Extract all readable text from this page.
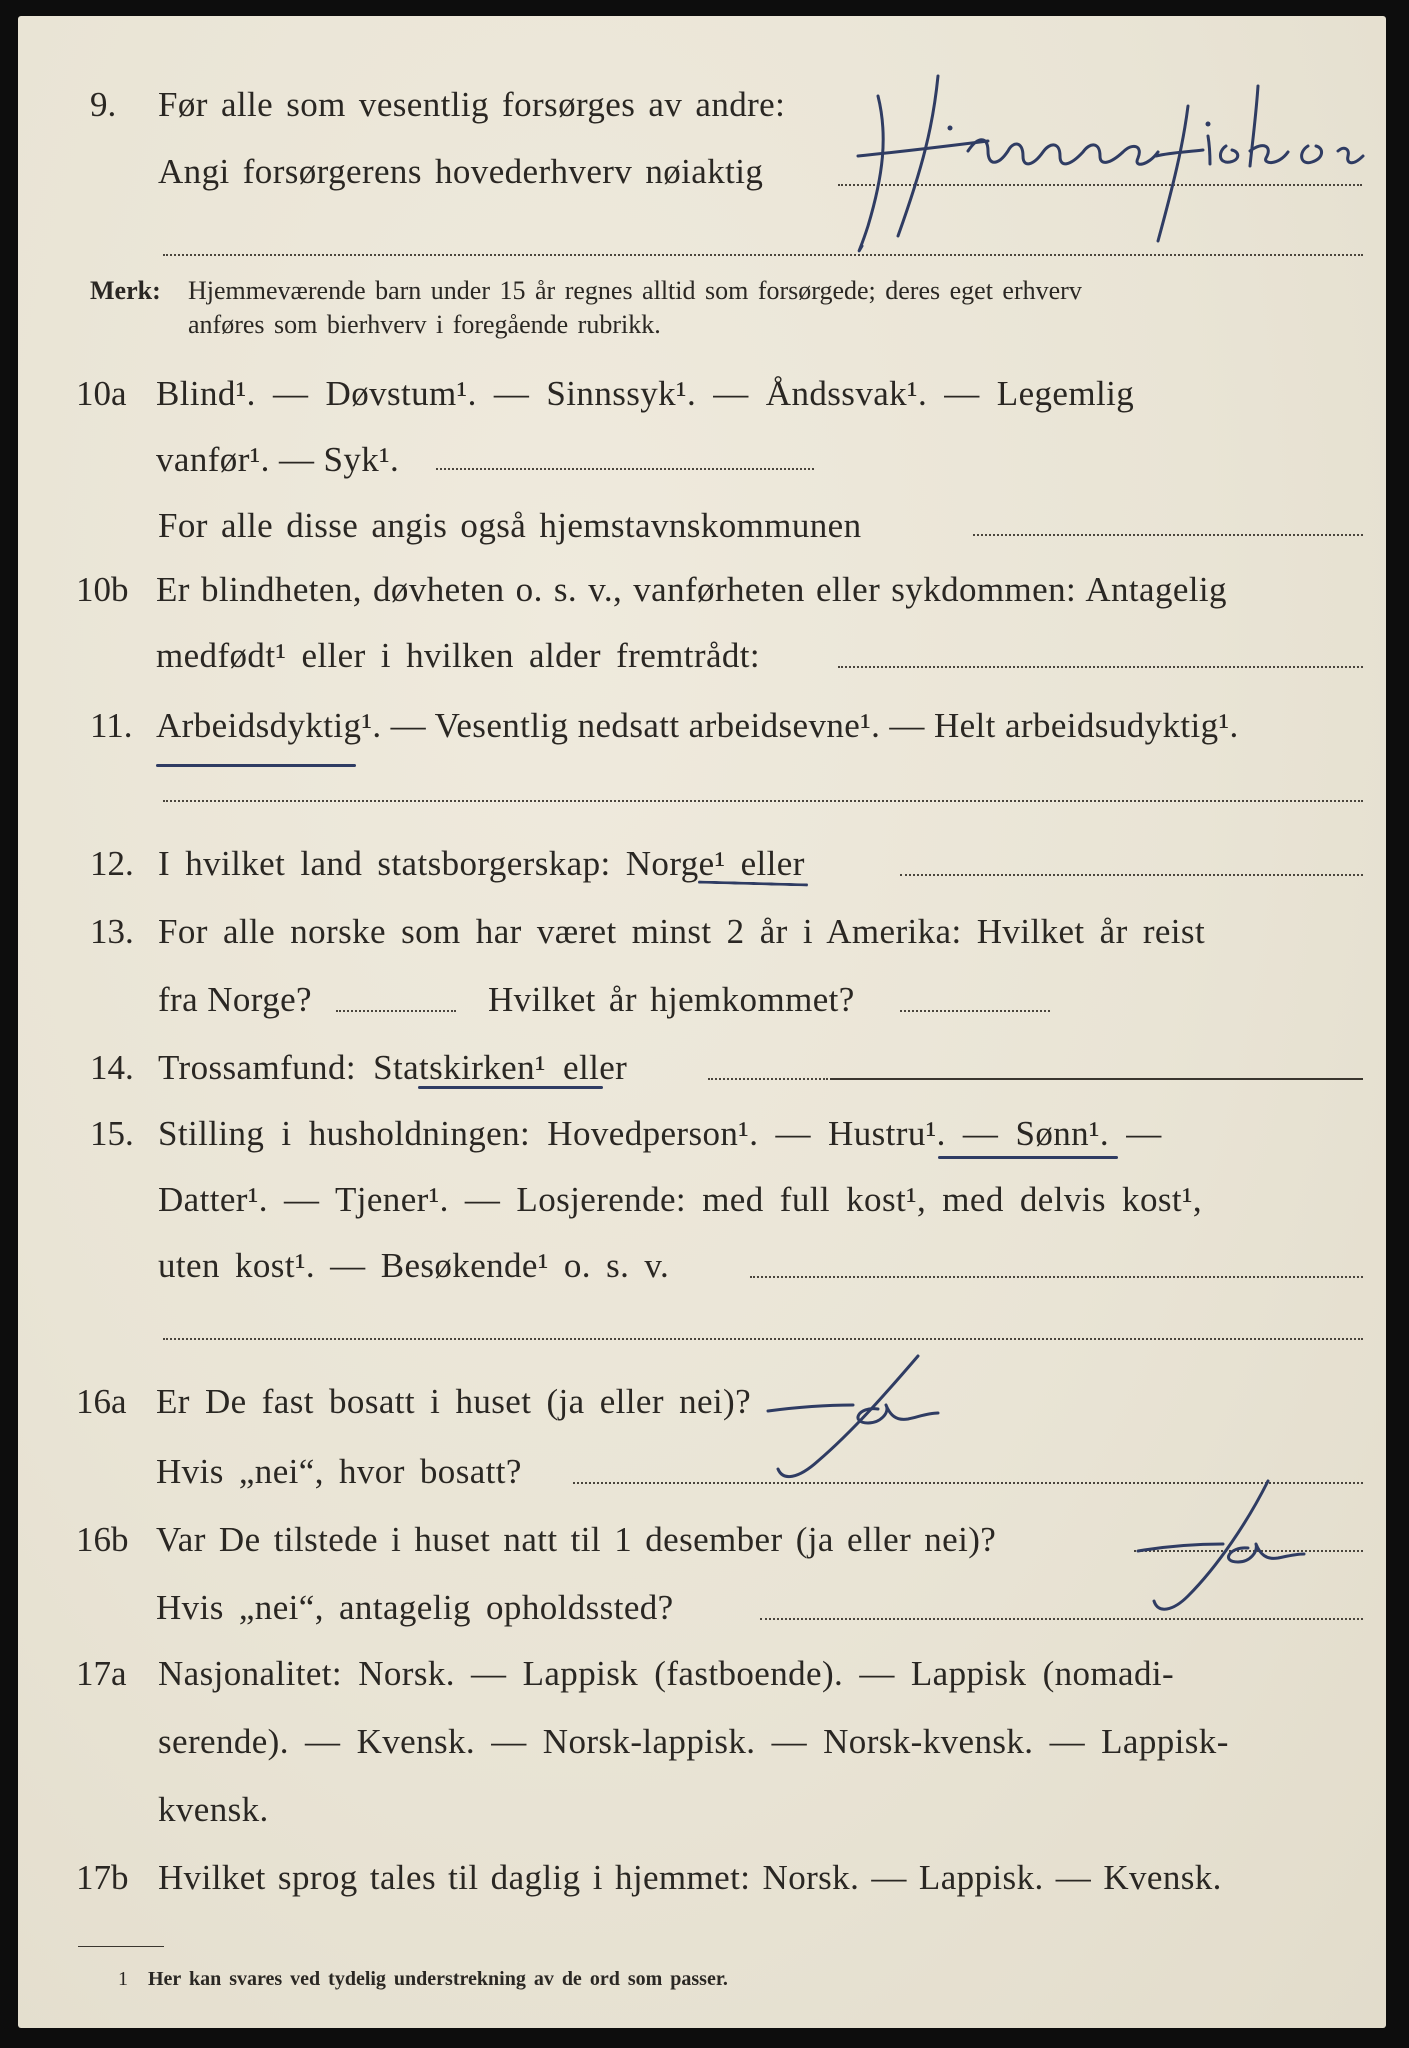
9. Før alle som vesentlig forsørges av andre:
Angi forsørgerens hovederhverv nøiaktig
Merk: Hjemmeværende barn under 15 år regnes alltid som forsørgede; deres eget erhverv
anføres som bierhverv i foregående rubrikk.
10a Blind¹. — Døvstum¹. — Sinnssyk¹. — Åndssvak¹. — Legemlig
vanfør¹. — Syk¹.
For alle disse angis også hjemstavnskommunen
10b Er blindheten, døvheten o. s. v., vanførheten eller sykdommen: Antagelig
medfødt¹ eller i hvilken alder fremtrådt:
11. Arbeidsdyktig¹. — Vesentlig nedsatt arbeidsevne¹. — Helt arbeidsudyktig¹.
12. I hvilket land statsborgerskap: Norge¹ eller
13. For alle norske som har været minst 2 år i Amerika: Hvilket år reist
fra Norge?	Hvilket år hjemkommet?
14. Trossamfund: Statskirken¹ eller
15. Stilling i husholdningen: Hovedperson¹. — Hustru¹. — Sønn¹. —
Datter¹. — Tjener¹. — Losjerende: med full kost¹, med delvis kost¹,
uten kost¹. — Besøkende¹ o. s. v.
16a Er De fast bosatt i huset (ja eller nei)?
Hvis „nei“, hvor bosatt?
16b Var De tilstede i huset natt til 1 desember (ja eller nei)?
Hvis „nei“, antagelig opholdssted?
17a Nasjonalitet: Norsk. — Lappisk (fastboende). — Lappisk (nomadi-
serende). — Kvensk. — Norsk-lappisk. — Norsk-kvensk. — Lappisk-
kvensk.
17b Hvilket sprog tales til daglig i hjemmet: Norsk. — Lappisk. — Kvensk.
1 Her kan svares ved tydelig understrekning av de ord som passer.
